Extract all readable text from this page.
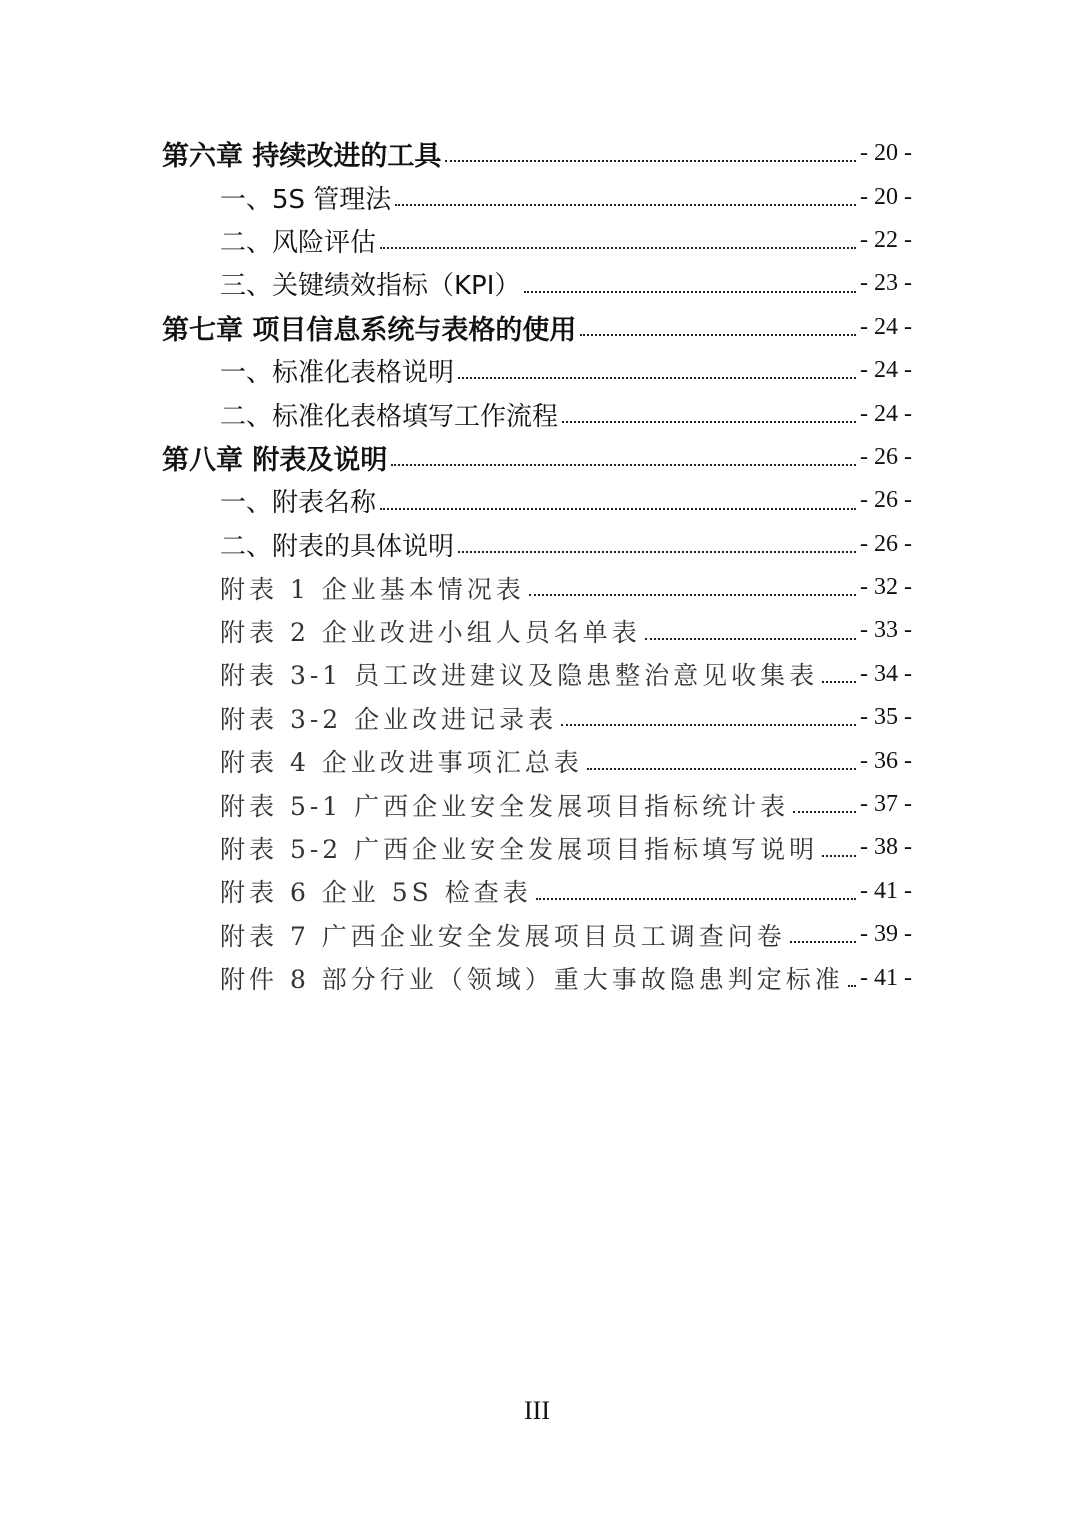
第六章 持续改进的工具	- 20 -
一、5S 管理法	- 20 -
二、风险评估	- 22 -
三、关键绩效指标（KPI）	- 23 -
第七章 项目信息系统与表格的使用	- 24 -
一、标准化表格说明	- 24 -
二、标准化表格填写工作流程	- 24 -
第八章 附表及说明	- 26 -
一、附表名称	- 26 -
二、附表的具体说明	- 26 -
附表 1 企业基本情况表	- 32 -
附表 2 企业改进小组人员名单表	- 33 -
附表 3-1 员工改进建议及隐患整治意见收集表 - 34 -
附表 3-2 企业改进记录表	- 35 -
附表 4 企业改进事项汇总表	- 36 -
附表 5-1 广西企业安全发展项目指标统计表	- 37 -
附表 5-2 广西企业安全发展项目指标填写说明 - 38 -
附表 6 企业 5S 检查表	- 41 -
附表 7 广西企业安全发展项目员工调查问卷	- 39 -
附件 8 部分行业（领域）重大事故隐患判定标准 - 41 -
III
